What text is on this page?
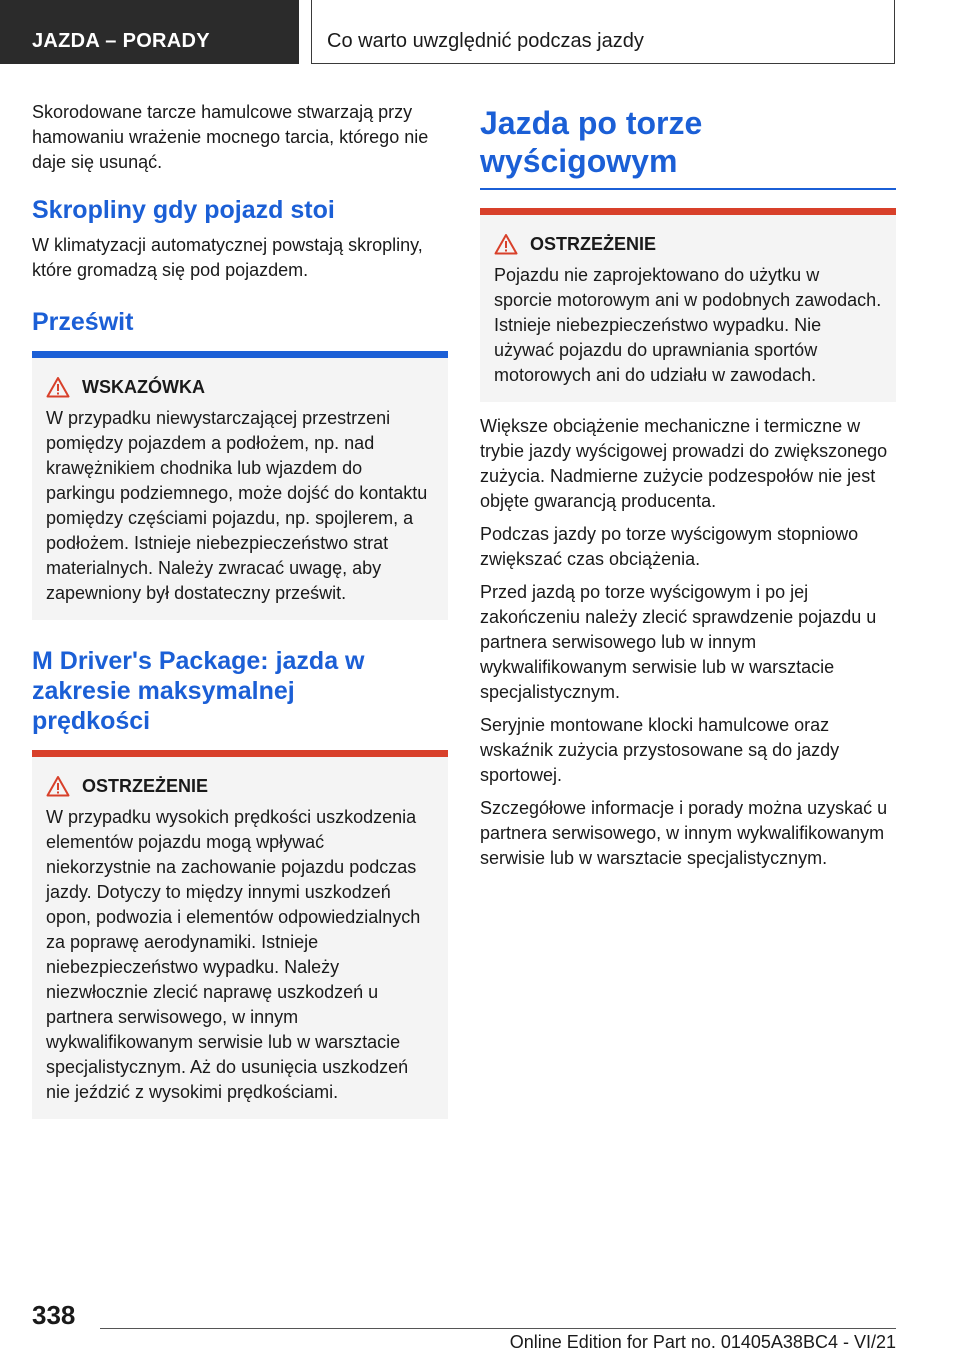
JAZDA – PORADY	Co warto uwzględnić podczas jazdy

Skorodowane tarcze hamulcowe stwarzają przy hamowaniu wrażenie mocnego tarcia, którego nie daje się usunąć.

Skropliny gdy pojazd stoi

W klimatyzacji automatycznej powstają skropliny, które gromadzą się pod pojazdem.

Prześwit
WSKAZÓWKA

W przypadku niewystarczającej przestrzeni pomiędzy pojazdem a podłożem, np. nad krawężnikiem chodnika lub wjazdem do parkingu podziemnego, może dojść do kontaktu pomiędzy częściami pojazdu, np. spojlerem, a podłożem. Istnieje niebezpieczeństwo strat materialnych. Należy zwracać uwagę, aby zapewniony był dostateczny prześwit.

M Driver's Package: jazda w zakresie maksymalnej prędkości
OSTRZEŻENIE

W przypadku wysokich prędkości uszkodzenia elementów pojazdu mogą wpływać niekorzystnie na zachowanie pojazdu podczas jazdy. Dotyczy to między innymi uszkodzeń opon, podwozia i elementów odpowiedzialnych za poprawę aerodynamiki. Istnieje niebezpieczeństwo wypadku. Należy niezwłocznie zlecić naprawę uszkodzeń u partnera serwisowego, w innym wykwalifikowanym serwisie lub w warsztacie specjalistycznym. Aż do usunięcia uszkodzeń nie jeździć z wysokimi prędkościami.

Jazda po torze wyścigowym
OSTRZEŻENIE

Pojazdu nie zaprojektowano do użytku w sporcie motorowym ani w podobnych zawodach. Istnieje niebezpieczeństwo wypadku. Nie używać pojazdu do uprawniania sportów motorowych ani do udziału w zawodach.

Większe obciążenie mechaniczne i termiczne w trybie jazdy wyścigowej prowadzi do zwiększonego zużycia. Nadmierne zużycie podzespołów nie jest objęte gwarancją producenta.

Podczas jazdy po torze wyścigowym stopniowo zwiększać czas obciążenia.

Przed jazdą po torze wyścigowym i po jej zakończeniu należy zlecić sprawdzenie pojazdu u partnera serwisowego lub w innym wykwalifikowanym serwisie lub w warsztacie specjalistycznym.

Seryjnie montowane klocki hamulcowe oraz wskaźnik zużycia przystosowane są do jazdy sportowej.

Szczegółowe informacje i porady można uzyskać u partnera serwisowego, w innym wykwalifikowanym serwisie lub w warsztacie specjalistycznym.

338
Online Edition for Part no. 01405A38BC4 - VI/21
